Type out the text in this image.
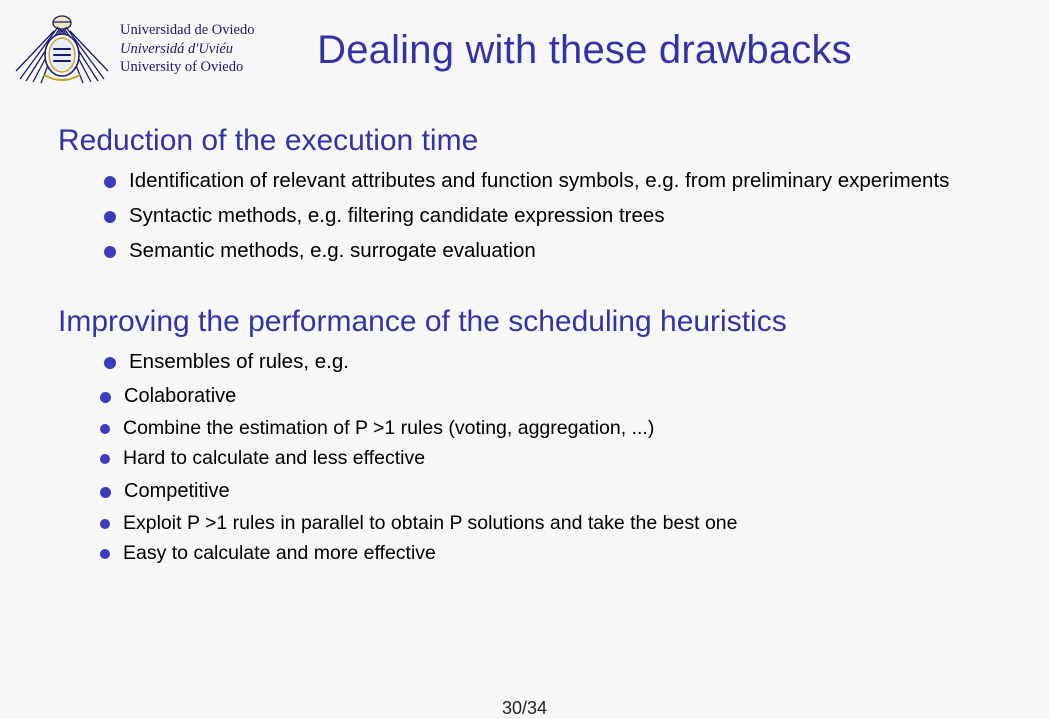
Universidad de Oviedo
Universidá d'Uviéu
University of Oviedo	Dealing with these drawbacks
Reduction of the execution time
Identification of relevant attributes and function symbols, e.g. from preliminary experiments
Syntactic methods, e.g. filtering candidate expression trees
Semantic methods, e.g. surrogate evaluation
Improving the performance of the scheduling heuristics
Ensembles of rules, e.g.
Colaborative
Combine the estimation of P >1 rules (voting, aggregation, ...)
Hard to calculate and less effective
Competitive
Exploit P >1 rules in parallel to obtain P solutions and take the best one
Easy to calculate and more effective
30/34
